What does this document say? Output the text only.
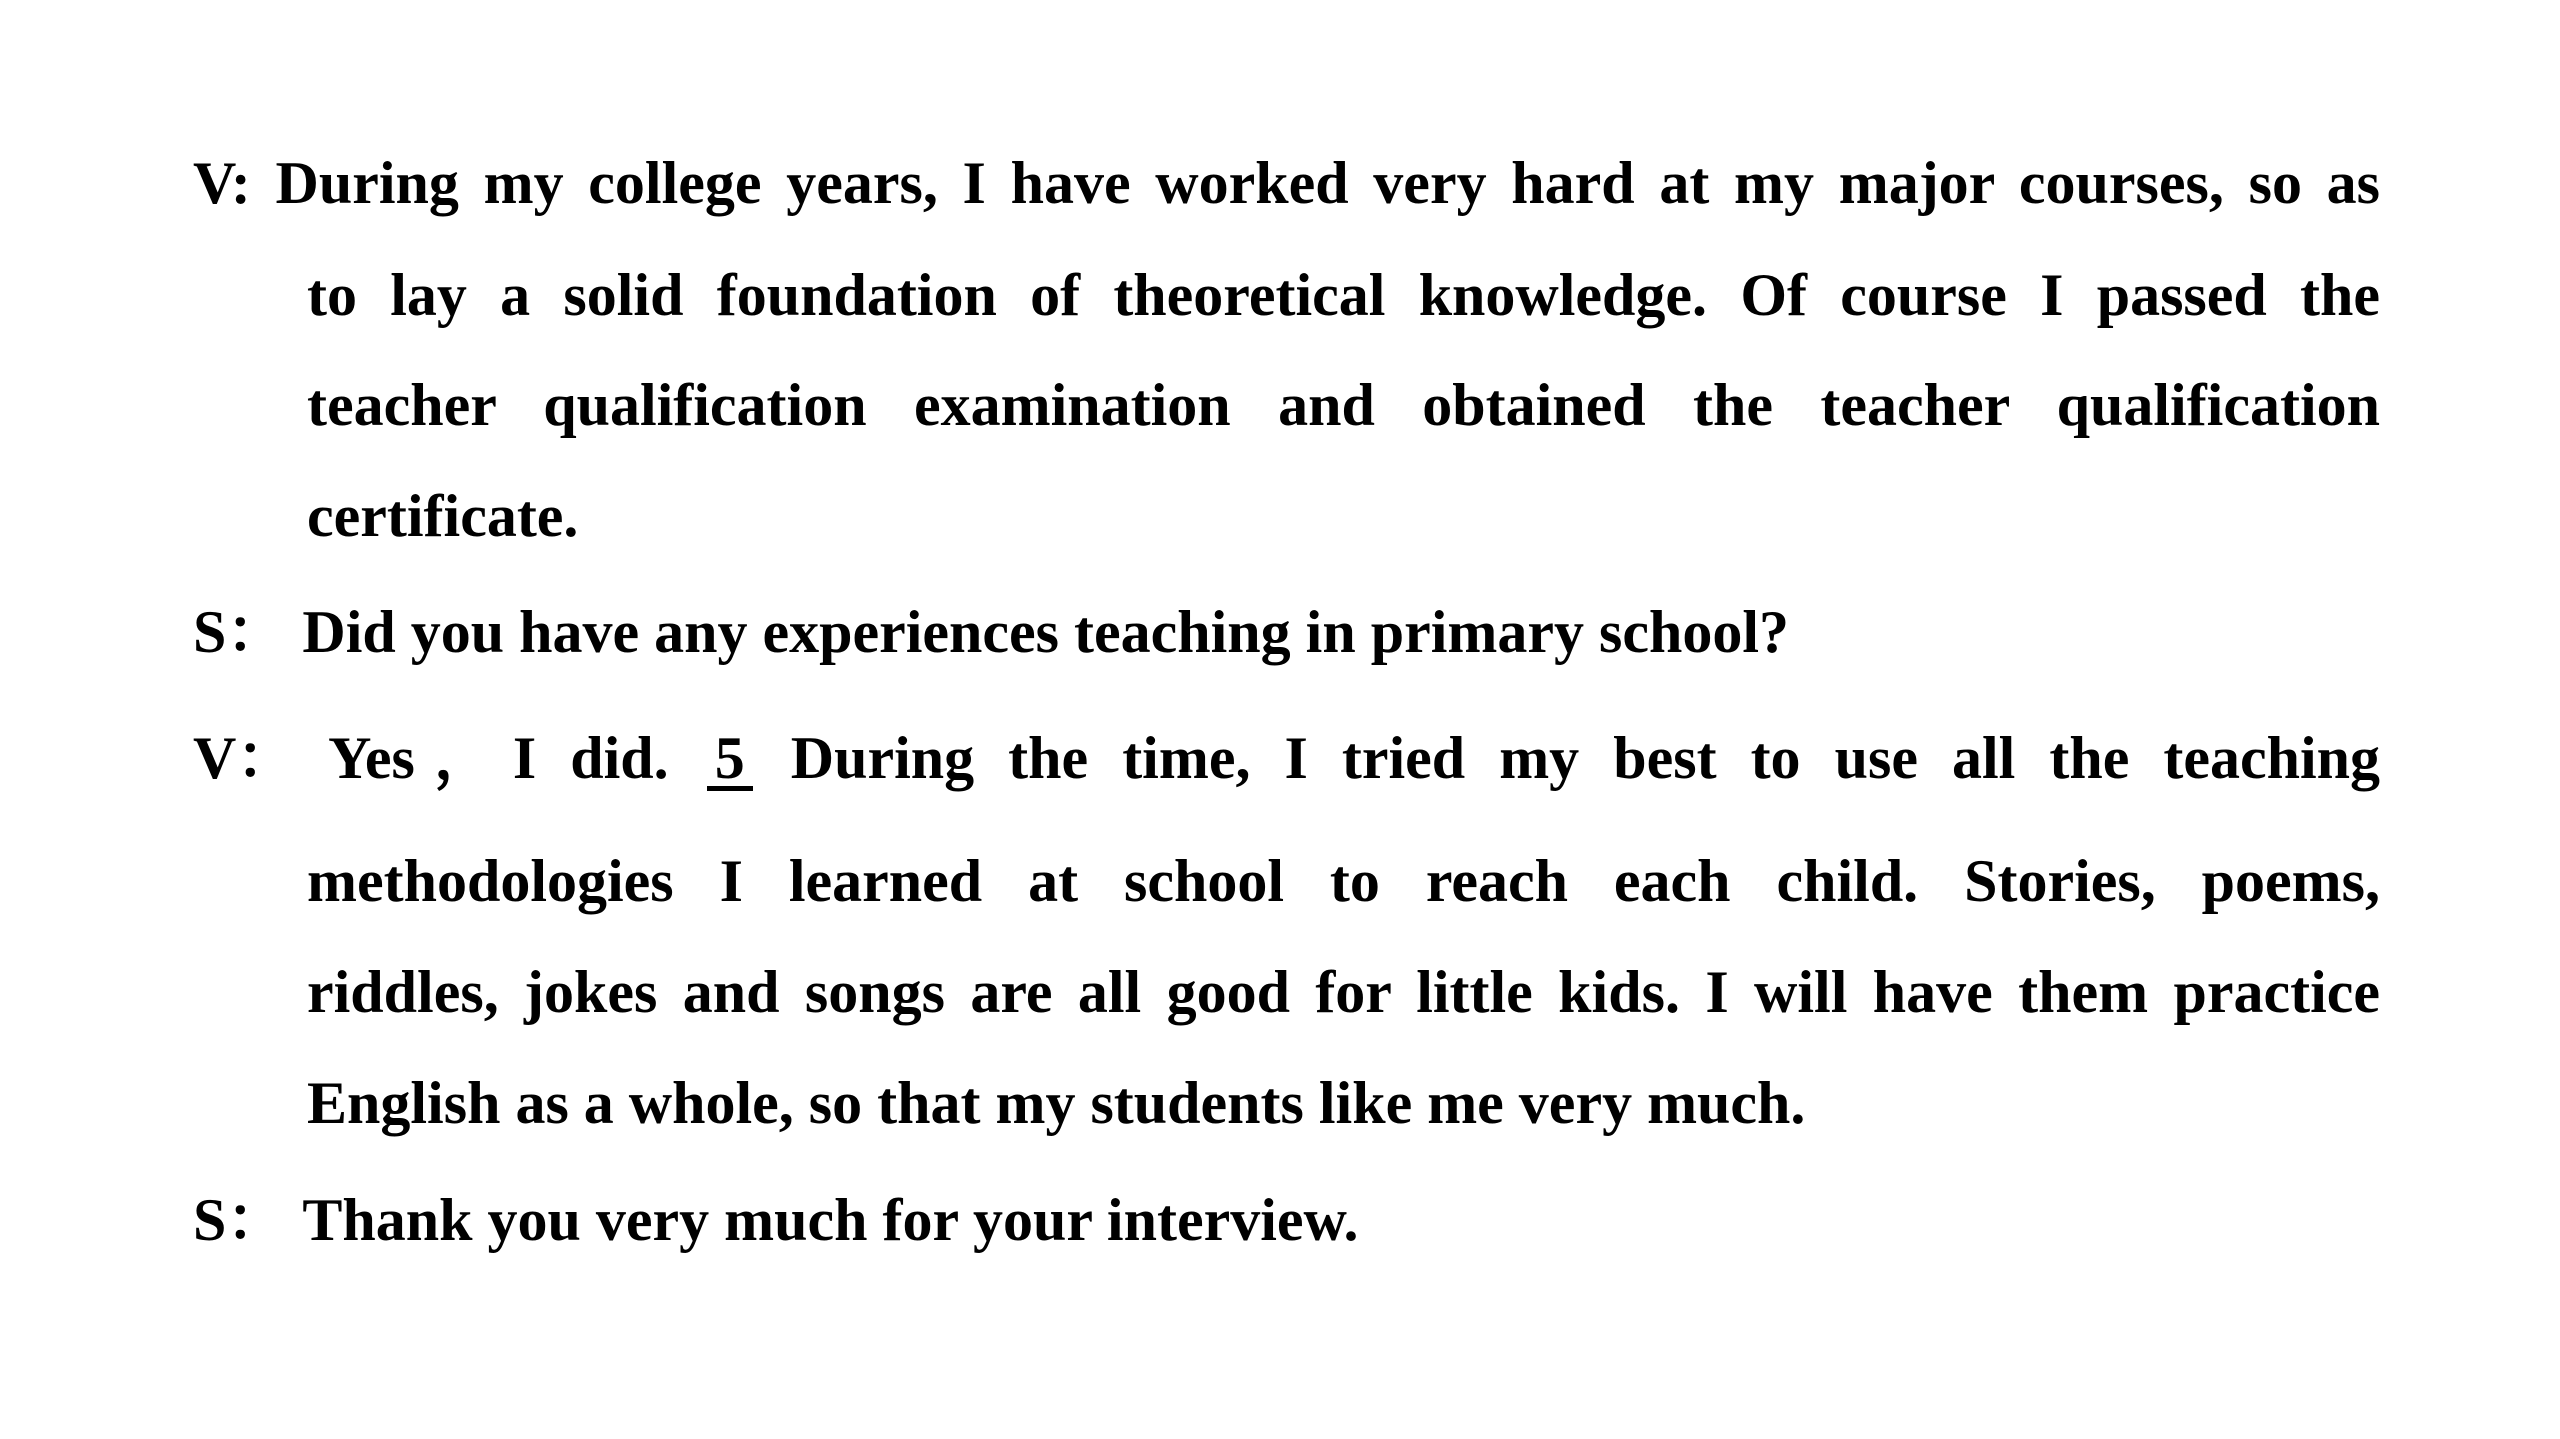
V: During my college years, I have worked very hard at my major courses, so as
to lay a solid foundation of theoretical knowledge. Of course I passed the
teacher qualification examination and obtained the teacher qualification
certificate.
S： Did you have any experiences teaching in primary school?
V： Yes，I did. 5 During the time, I tried my best to use all the teaching
methodologies I learned at school to reach each child. Stories, poems,
riddles, jokes and songs are all good for little kids. I will have them practice
English as a whole, so that my students like me very much.
S： Thank you very much for your interview.
